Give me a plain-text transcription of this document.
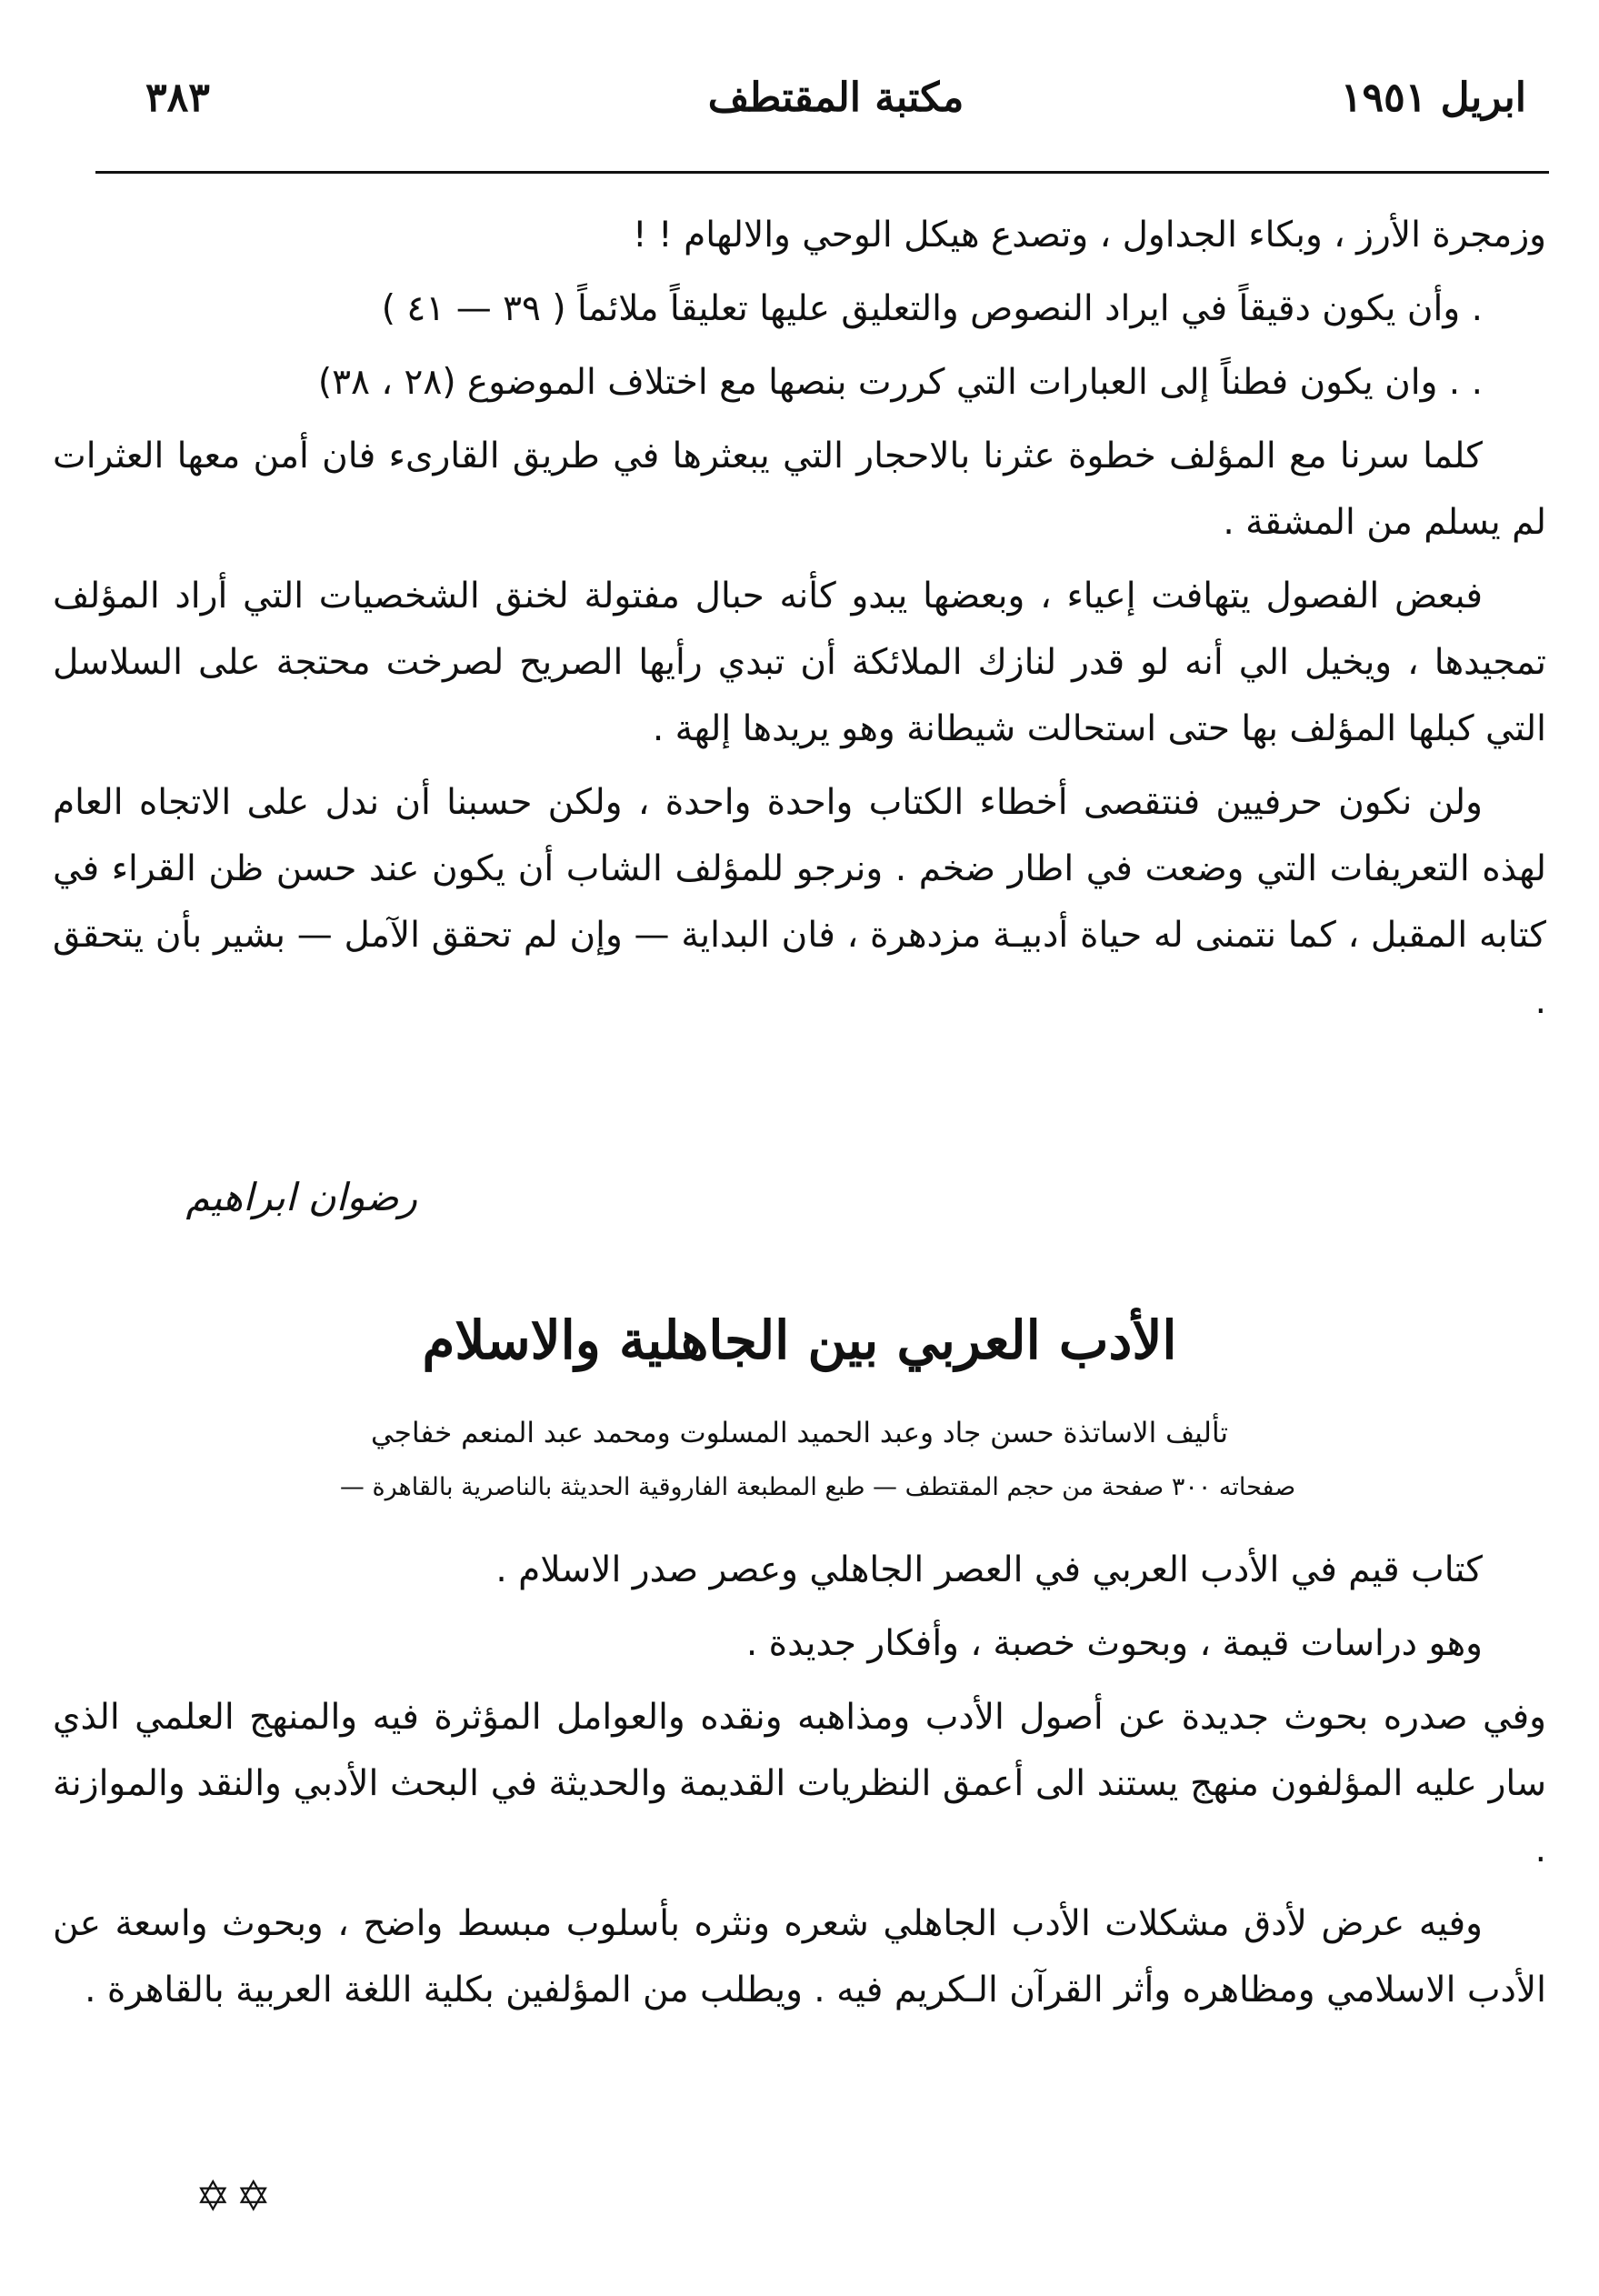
ابريل ١٩٥١
مكتبة المقتطف
٣٨٣

وزمجرة الأرز ، وبكاء الجداول ، وتصدع هيكل الوحي والالهام ! !

. وأن يكون دقيقاً في ايراد النصوص والتعليق عليها تعليقاً ملائماً ( ٣٩ — ٤١ )

. . وان يكون فطناً إلى العبارات التي كررت بنصها مع اختلاف الموضوع (٢٨ ، ٣٨)

كلما سرنا مع المؤلف خطوة عثرنا بالاحجار التي يبعثرها في طريق القارىء فان أمن معها العثرات لم يسلم من المشقة .

فبعض الفصول يتهافت إعياء ، وبعضها يبدو كأنه حبال مفتولة لخنق الشخصيات التي أراد المؤلف تمجيدها ، ويخيل الي أنه لو قدر لنازك الملائكة أن تبدي رأيها الصريح لصرخت محتجة على السلاسل التي كبلها المؤلف بها حتى استحالت شيطانة وهو يريدها إلهة .

ولن نكون حرفيين فنتقصى أخطاء الكتاب واحدة واحدة ، ولكن حسبنا أن ندل على الاتجاه العام لهذه التعريفات التي وضعت في اطار ضخم . ونرجو للمؤلف الشاب أن يكون عند حسن ظن القراء في كتابه المقبل ، كما نتمنى له حياة أدبيـة مزدهرة ، فان البداية — وإن لم تحقق الآمل — بشير بأن يتحقق .

رضوان ابراهيم
الأدب العربي بين الجاهلية والاسلام
تأليف الاساتذة حسن جاد وعبد الحميد المسلوت ومحمد عبد المنعم خفاجي
صفحاته ٣٠٠ صفحة من حجم المقتطف — طبع المطبعة الفاروقية الحديثة بالناصرية بالقاهرة —

كتاب قيم في الأدب العربي في العصر الجاهلي وعصر صدر الاسلام .

وهو دراسات قيمة ، وبحوث خصبة ، وأفكار جديدة .

وفي صدره بحوث جديدة عن أصول الأدب ومذاهبه ونقده والعوامل المؤثرة فيه والمنهج العلمي الذي سار عليه المؤلفون منهج يستند الى أعمق النظريات القديمة والحديثة في البحث الأدبي والنقد والموازنة .

وفيه عرض لأدق مشكلات الأدب الجاهلي شعره ونثره بأسلوب مبسط واضح ، وبحوث واسعة عن الأدب الاسلامي ومظاهره وأثر القرآن الـكريم فيه . ويطلب من المؤلفين بكلية اللغة العربية بالقاهرة .

✡✡
